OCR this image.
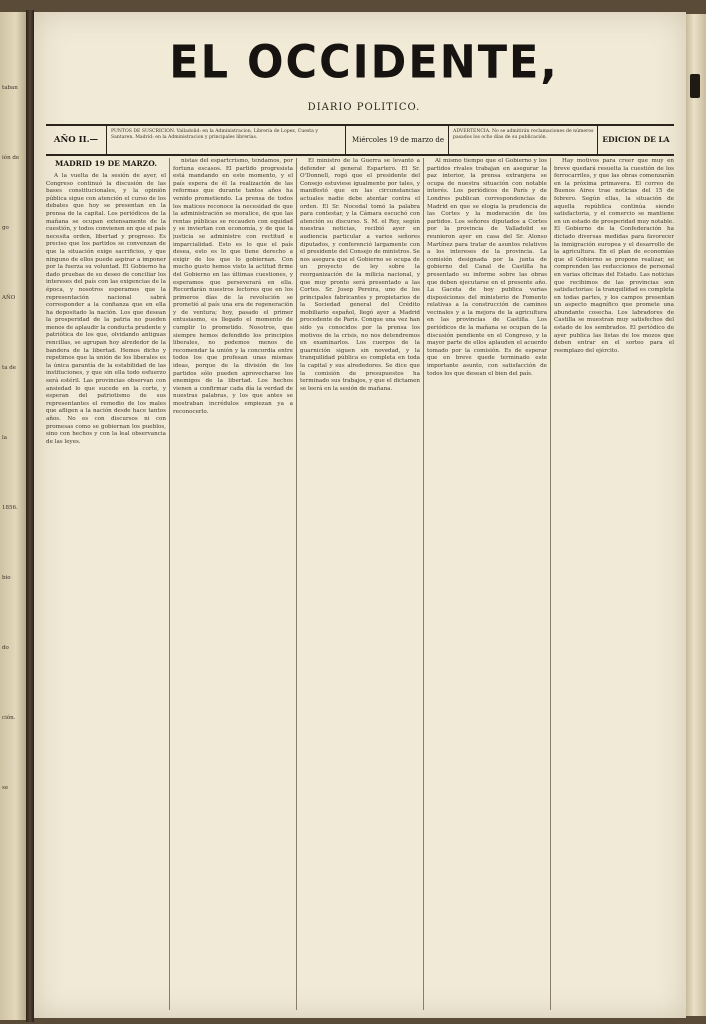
taban
ión de
go
AÑO
ta de
la
1856.
bio
do
ción.
se
EL OCCIDENTE,
DIARIO POLITICO.
AÑO II.—
PUNTOS DE SUSCRICION. Valladolid: en la Administracion, Librería de Lopez, Cuesta y Santaren. Madrid: en la Administracion y principales librerías.	Miércoles 19 de marzo de
ADVERTENCIA. No se admitirán reclamaciones de números pasados los ocho días de su publicación.	EDICION DE LA
MADRID 19 DE MARZO.

A la vuelta de la sesión de ayer, el Congreso continuó la discusión de las bases constitucionales, y la opinión pública sigue con atención el curso de los debates que hoy se presentan en la prensa de la capital. Los periódicos de la mañana se ocupan extensamente de la cuestión, y todos convienen en que el país necesita orden, libertad y progreso. Es preciso que los partidos se convenzan de que la situación exige sacrificios, y que ninguno de ellos puede aspirar a imponer por la fuerza su voluntad. El Gobierno ha dado pruebas de su deseo de conciliar los intereses del país con las exigencias de la época, y nosotros esperamos que la representación nacional sabrá corresponder a la confianza que en ella ha depositado la nación. Los que desean la prosperidad de la patria no pueden menos de aplaudir la conducta prudente y patriótica de los que, olvidando antiguas rencillas, se agrupan hoy alrededor de la bandera de la libertad. Hemos dicho y repetimos que la unión de los liberales es la única garantía de la estabilidad de las instituciones, y que sin ella todo esfuerzo será estéril. Las provincias observan con ansiedad lo que sucede en la corte, y esperan del patriotismo de sus representantes el remedio de los males que afligen a la nación desde hace tantos años. No es con discursos ni con promesas como se gobiernan los pueblos, sino con hechos y con la leal observancia de las leyes.

nistas del espartcrismo, tendamos, por fortuna escasos. El partido progresista está mandando en este momento, y el país espera de él la realización de las reformas que durante tantos años ha venido prometiendo. La prensa de todos los matices reconoce la necesidad de que la administración se moralice, de que las rentas públicas se recauden con equidad y se inviertan con economía, y de que la justicia se administre con rectitud e imparcialidad. Esto es lo que el país desea, esto es lo que tiene derecho a exigir de los que lo gobiernan. Con mucho gusto hemos visto la actitud firme del Gobierno en las últimas cuestiones, y esperamos que perseverará en ella. Recordarán nuestros lectores que en los primeros días de la revolución se prometió al país una era de regeneración y de ventura; hoy, pasado el primer entusiasmo, es llegado el momento de cumplir lo prometido. Nosotros, que siempre hemos defendido los principios liberales, no podemos menos de recomendar la unión y la concordia entre todos los que profesan unas mismas ideas, porque de la división de los partidos sólo pueden aprovecharse los enemigos de la libertad. Los hechos vienen a confirmar cada día la verdad de nuestras palabras, y los que antes se mostraban incrédulos empiezan ya a reconocerlo.

El ministro de la Guerra se levantó a defender al general Espartero. El Sr. O'Donnell, rogó que el presidente del Consejo estuviese igualmente por tales, y manifestó que en las circunstancias actuales nadie debe atentar contra el orden. El Sr. Nocedal tomó la palabra para contestar, y la Cámara escuchó con atención su discurso. S. M. el Rey, según nuestras noticias, recibió ayer en audiencia particular a varios señores diputados, y conferenció largamente con el presidente del Consejo de ministros. Se nos asegura que el Gobierno se ocupa de un proyecto de ley sobre la reorganización de la milicia nacional, y que muy pronto será presentado a las Cortes. Sr. Josep Pereira, uno de los principales fabricantes y propietarios de la Sociedad general del Crédito mobiliario español, llegó ayer a Madrid procedente de París. Conque una vez han sido ya conocidos por la prensa los motivos de la crisis, no nos detendremos en examinarlos. Los cuerpos de la guarnición siguen sin novedad, y la tranquilidad pública es completa en toda la capital y sus alrededores. Se dice que la comisión de presupuestos ha terminado sus trabajos, y que el dictamen se leerá en la sesión de mañana.

Al mismo tiempo que el Gobierno y los partidos rivales trabajan en asegurar la paz interior, la prensa extranjera se ocupa de nuestra situación con notable interés. Los periódicos de París y de Londres publican correspondencias de Madrid en que se elogia la prudencia de las Cortes y la moderación de los partidos. Los señores diputados a Cortes por la provincia de Valladolid se reunieron ayer en casa del Sr. Alonso Martínez para tratar de asuntos relativos a los intereses de la provincia. La comisión designada por la junta de gobierno del Canal de Castilla ha presentado su informe sobre las obras que deben ejecutarse en el presente año. La Gaceta de hoy publica varias disposiciones del ministerio de Fomento relativas a la construcción de caminos vecinales y a la mejora de la agricultura en las provincias de Castilla. Los periódicos de la mañana se ocupan de la discusión pendiente en el Congreso, y la mayor parte de ellos aplauden el acuerdo tomado por la comisión. Es de esperar que en breve quede terminado este importante asunto, con satisfacción de todos los que desean el bien del país.

Hay motivos para creer que muy en breve quedará resuelta la cuestión de los ferrocarriles, y que las obras comenzarán en la próxima primavera. El correo de Buenos Aires trae noticias del 15 de febrero. Según ellas, la situación de aquella república continúa siendo satisfactoria, y el comercio se mantiene en un estado de prosperidad muy notable. El Gobierno de la Confederación ha dictado diversas medidas para favorecer la inmigración europea y el desarrollo de la agricultura. En el plan de economías que el Gobierno se propone realizar, se comprenden las reducciones de personal en varias oficinas del Estado. Las noticias que recibimos de las provincias son satisfactorias: la tranquilidad es completa en todas partes, y los campos presentan un aspecto magnífico que promete una abundante cosecha. Los labradores de Castilla se muestran muy satisfechos del estado de los sembrados. El periódico de ayer publica las listas de los mozos que deben entrar en el sorteo para el reemplazo del ejército.
